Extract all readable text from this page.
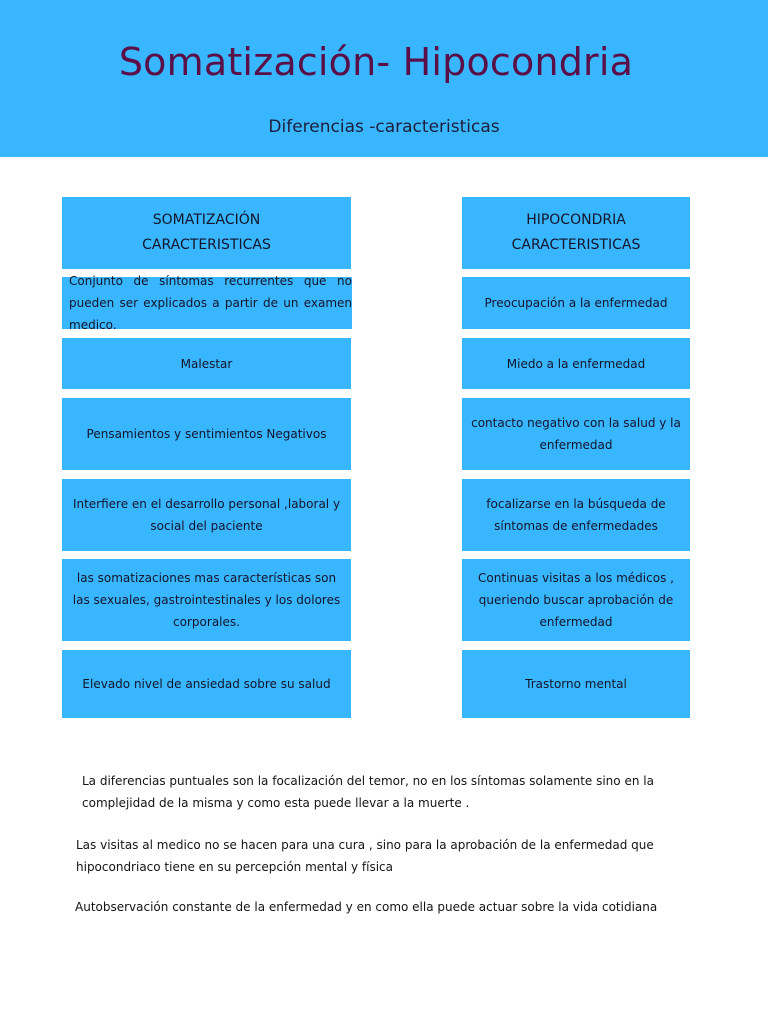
Somatización- Hipocondria
Diferencias -caracteristicas
SOMATIZACIÓN
CARACTERISTICAS
Conjunto de síntomas recurrentes que no pueden ser explicados a partir de un examen medico.
Malestar
Pensamientos y sentimientos Negativos
Interfiere en el desarrollo personal ,laboral y social del paciente
las somatizaciones mas características son las sexuales, gastrointestinales y los dolores corporales.
Elevado nivel de ansiedad sobre su salud
HIPOCONDRIA
CARACTERISTICAS
Preocupación a la enfermedad
Miedo a la enfermedad
contacto negativo con la salud y la enfermedad
focalizarse en la búsqueda de síntomas de enfermedades
Continuas visitas a los médicos , queriendo buscar aprobación de enfermedad
Trastorno mental
La diferencias puntuales son la focalización del temor, no en los síntomas solamente sino en la complejidad de la misma y como esta puede llevar a la muerte .
Las visitas al medico no se hacen para una cura , sino para la aprobación de la enfermedad que hipocondriaco tiene en su percepción mental y física
Autobservación constante de la enfermedad y en como ella puede actuar sobre la vida cotidiana
